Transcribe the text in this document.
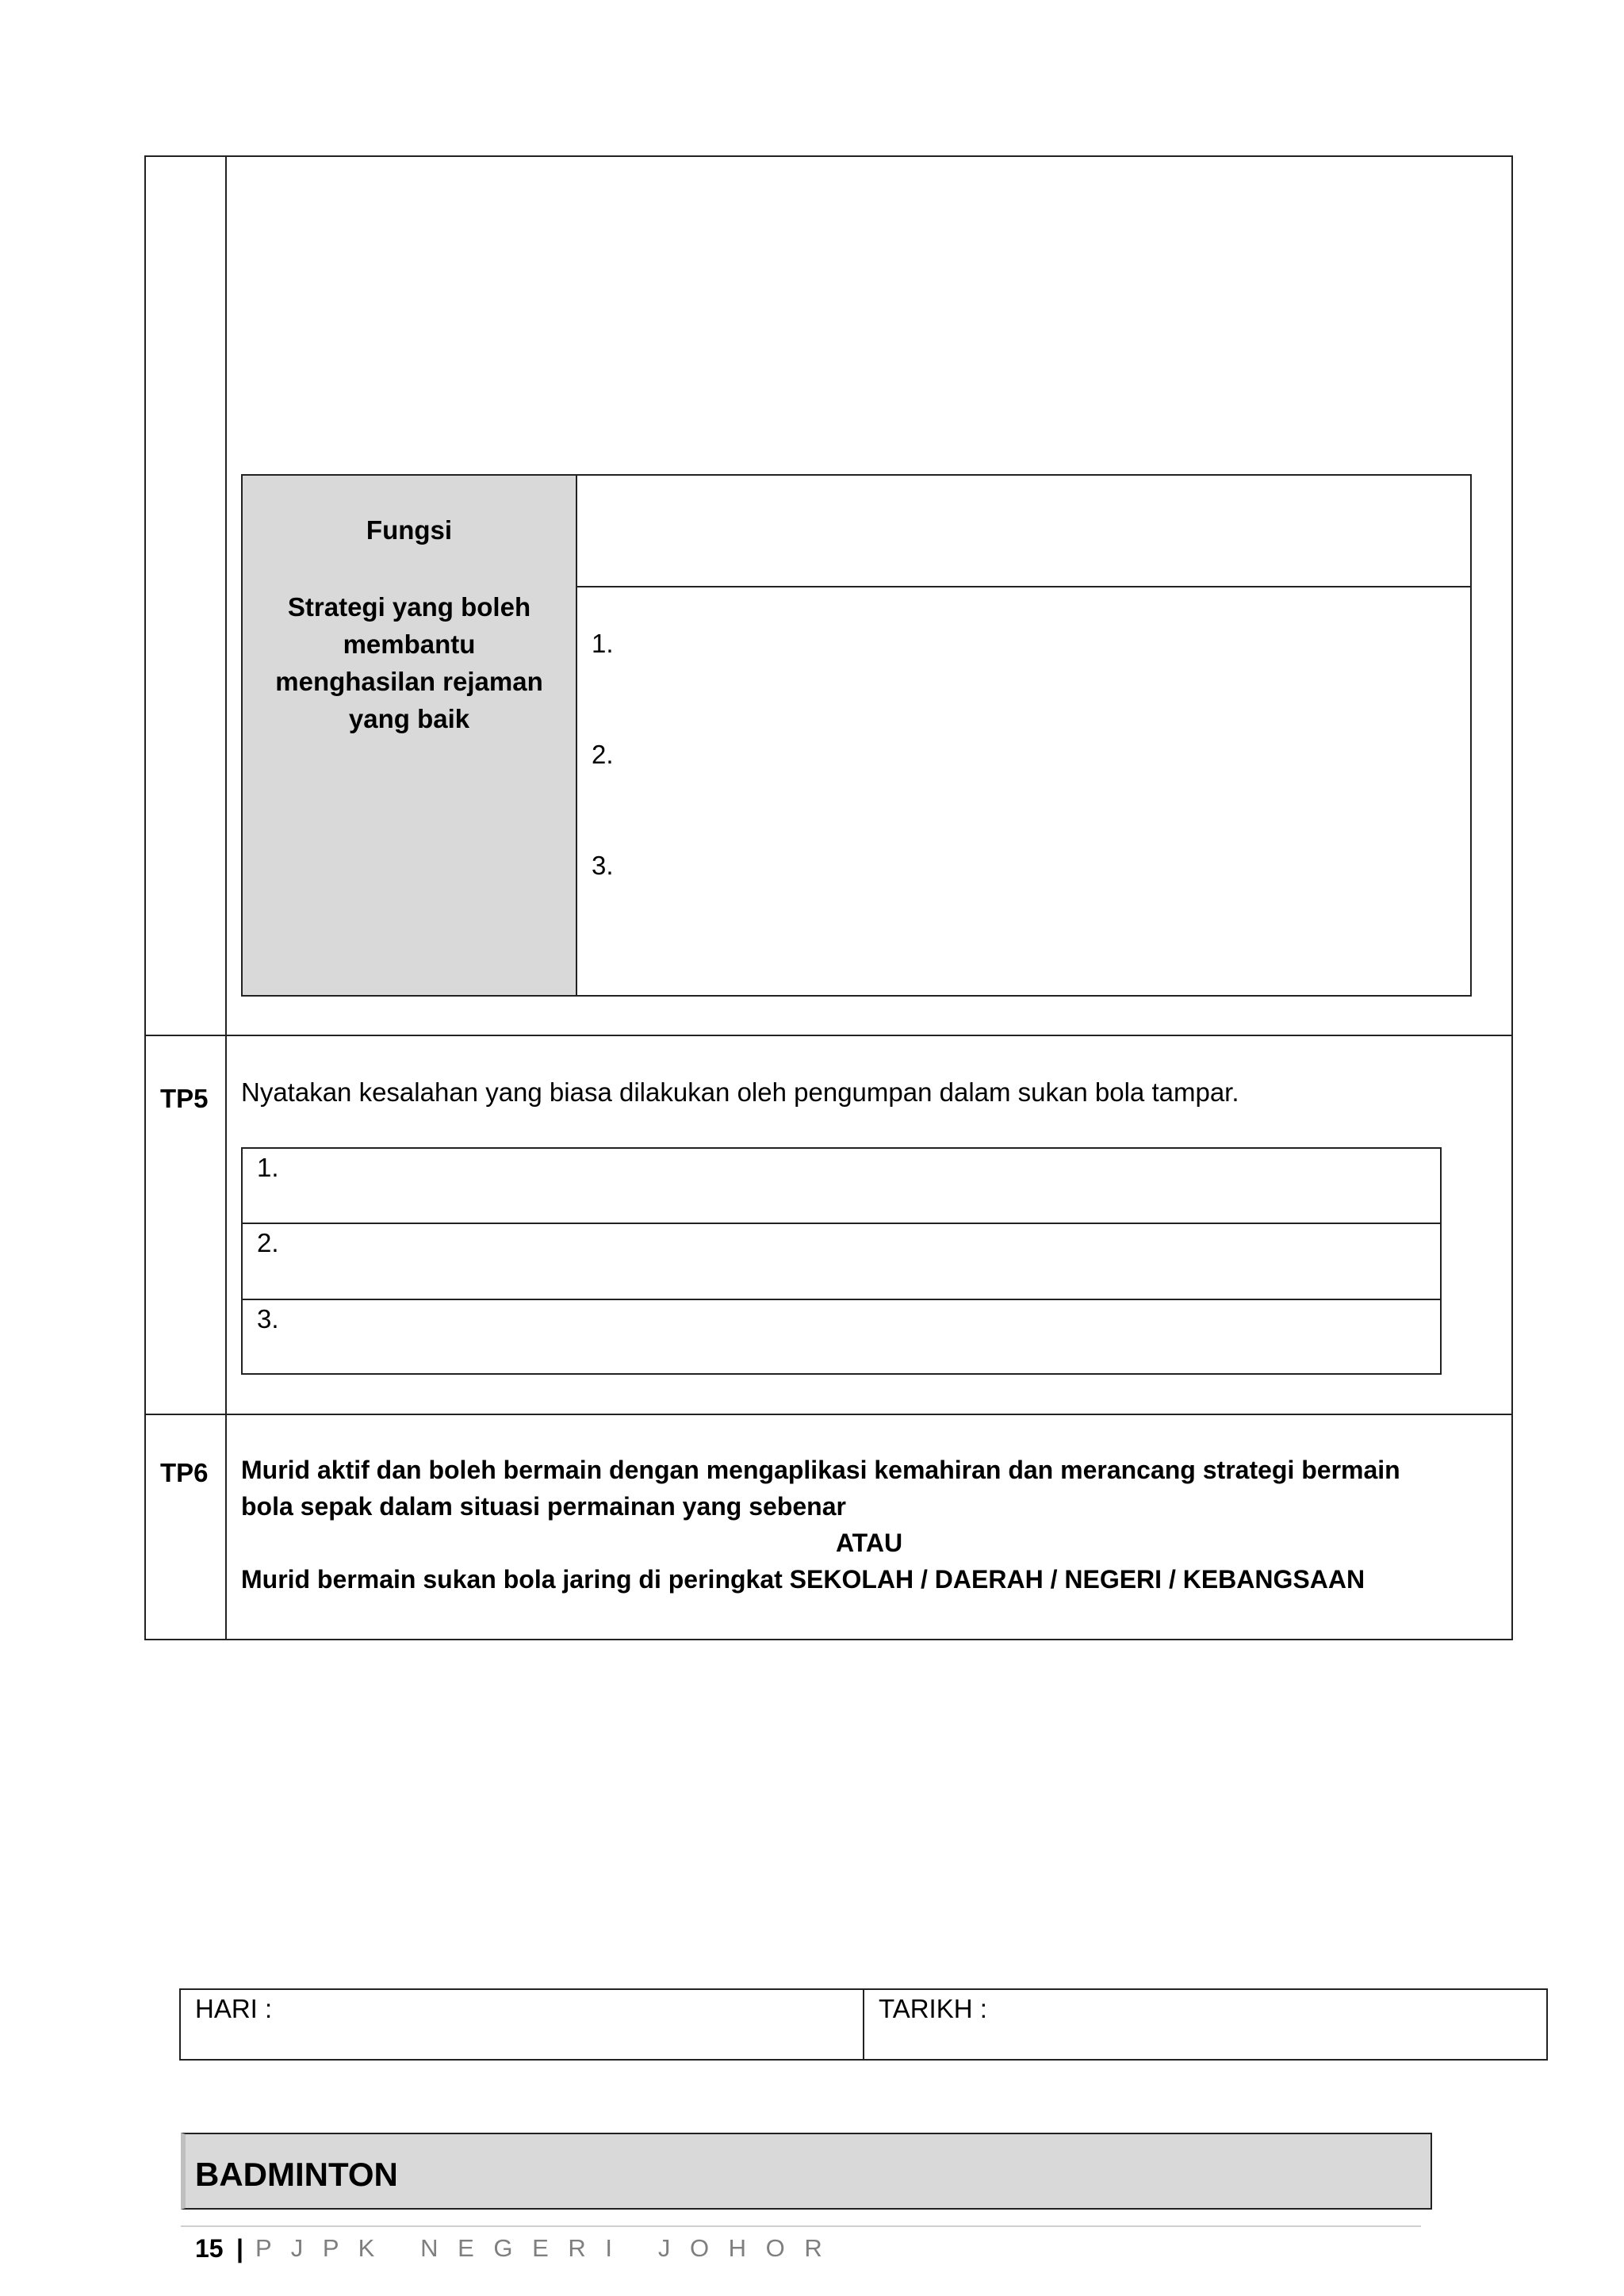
Fungsi
Strategi yang boleh membantu menghasilan rejaman yang baik
1.
2.
3.
TP5 Nyatakan kesalahan yang biasa dilakukan oleh pengumpan dalam sukan bola tampar.
1.
2.
3.
TP6 Murid aktif dan boleh bermain dengan mengaplikasi kemahiran dan merancang strategi bermain
bola sepak dalam situasi permainan yang sebenar
ATAU
Murid bermain sukan bola jaring di peringkat SEKOLAH / DAERAH / NEGERI / KEBANGSAAN
HARI :	TARIKH :
BADMINTON
15 | P J P K   N E G E R I   J O H O R
